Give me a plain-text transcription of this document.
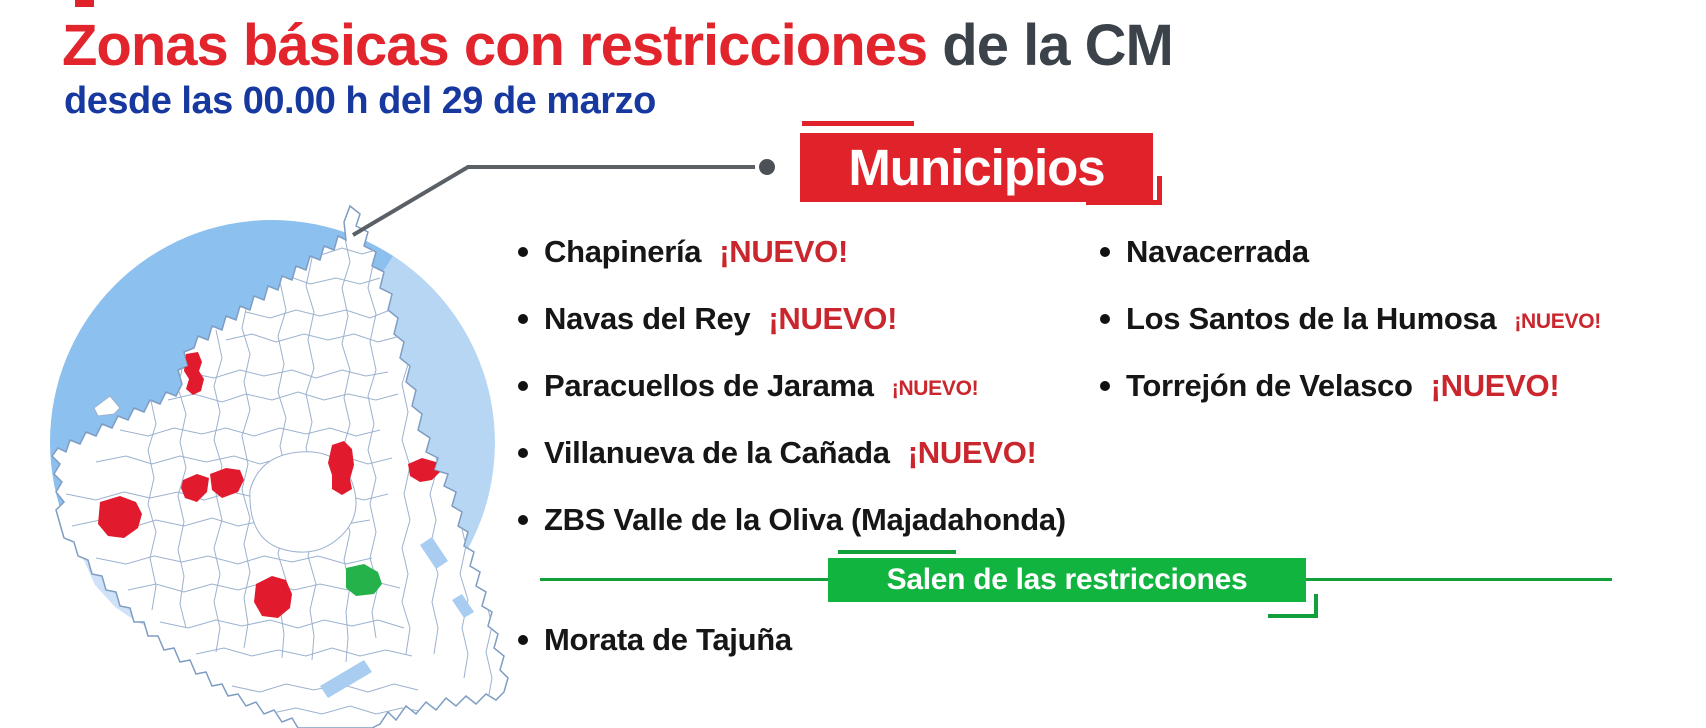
Zonas básicas con restricciones de la CM
desde las 00.00 h del 29 de marzo
Municipios
Chapinería ¡NUEVO!
Navas del Rey ¡NUEVO!
Paracuellos de Jarama ¡NUEVO!
Villanueva de la Cañada ¡NUEVO!
ZBS Valle de la Oliva (Majadahonda)
Navacerrada
Los Santos de la Humosa ¡NUEVO!
Torrejón de Velasco ¡NUEVO!
Salen de las restricciones
Morata de Tajuña
